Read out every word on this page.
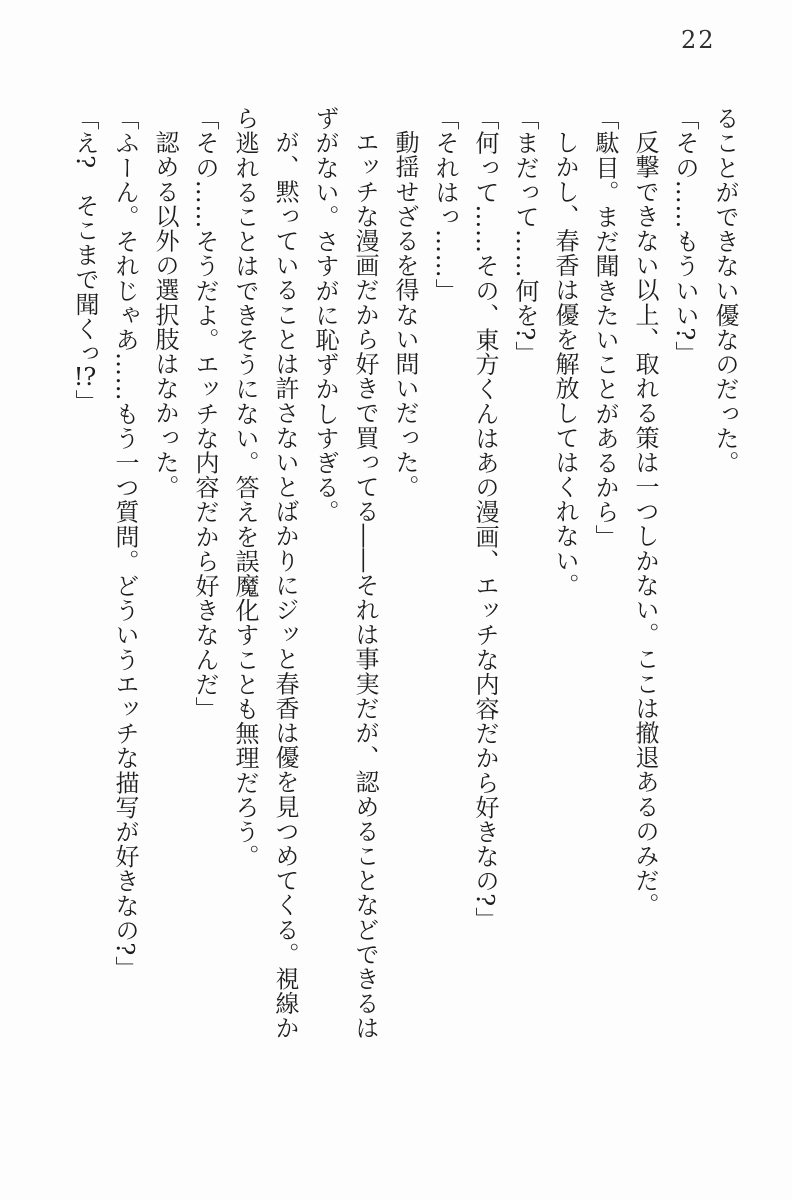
22
ることができない優なのだった。
「その……もういい?」
反撃できない以上、取れる策は一つしかない。ここは撤退あるのみだ。
「駄目。まだ聞きたいことがあるから」
しかし、春香は優を解放してはくれない。
「まだって……何を?」
「何って……その、東方くんはあの漫画、エッチな内容だから好きなの?」
「それはっ……」
動揺せざるを得ない問いだった。
エッチな漫画だから好きで買ってる――それは事実だが、認めることなどできるは
ずがない。さすがに恥ずかしすぎる。
が、黙っていることは許さないとばかりにジッと春香は優を見つめてくる。視線か
ら逃れることはできそうにない。答えを誤魔化すことも無理だろう。
「その……そうだよ。エッチな内容だから好きなんだ」
認める以外の選択肢はなかった。
「ふーん。それじゃあ……もう一つ質問。どういうエッチな描写が好きなの?」
「え?　そこまで聞くっ!?」
